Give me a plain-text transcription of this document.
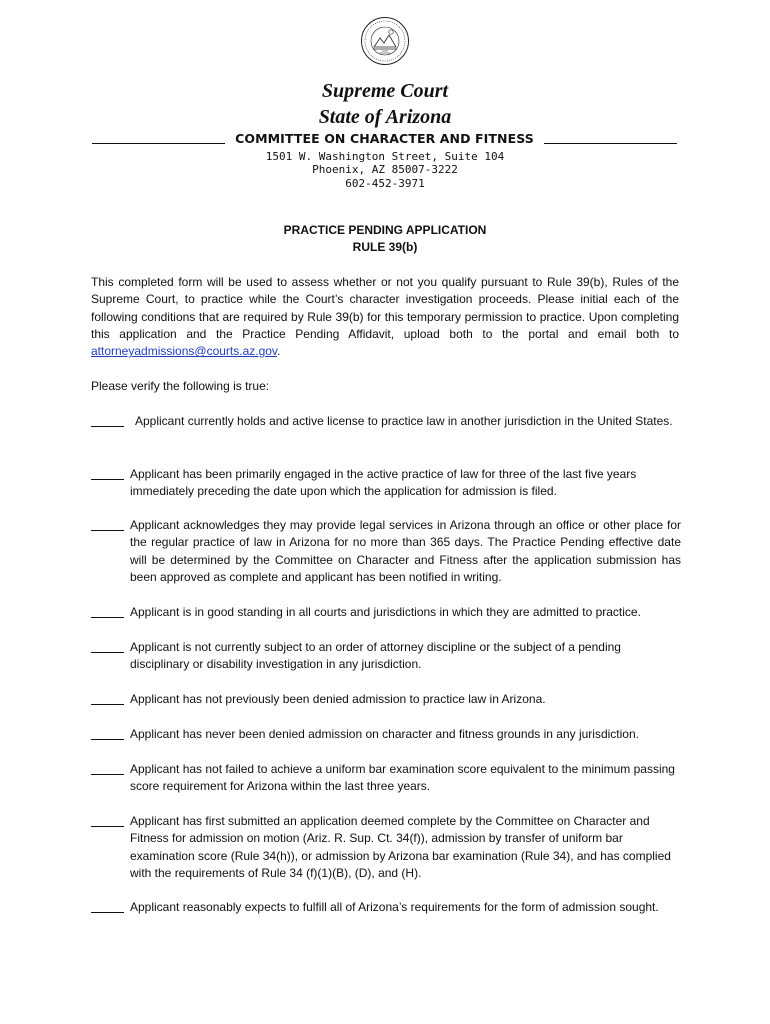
Supreme Court
State of Arizona
COMMITTEE ON CHARACTER AND FITNESS
1501 W. Washington Street, Suite 104
Phoenix, AZ 85007-3222
602-452-3971
PRACTICE PENDING APPLICATION
RULE 39(b)
This completed form will be used to assess whether or not you qualify pursuant to Rule 39(b), Rules of the Supreme Court, to practice while the Court’s character investigation proceeds. Please initial each of the following conditions that are required by Rule 39(b) for this temporary permission to practice. Upon completing this application and the Practice Pending Affidavit, upload both to the portal and email both to attorneyadmissions@courts.az.gov.
Please verify the following is true:
Applicant currently holds and active license to practice law in another jurisdiction in the United States.
Applicant has been primarily engaged in the active practice of law for three of the last five years immediately preceding the date upon which the application for admission is filed.
Applicant acknowledges they may provide legal services in Arizona through an office or other place for the regular practice of law in Arizona for no more than 365 days. The Practice Pending effective date will be determined by the Committee on Character and Fitness after the application submission has been approved as complete and applicant has been notified in writing.
Applicant is in good standing in all courts and jurisdictions in which they are admitted to practice.
Applicant is not currently subject to an order of attorney discipline or the subject of a pending disciplinary or disability investigation in any jurisdiction.
Applicant has not previously been denied admission to practice law in Arizona.
Applicant has never been denied admission on character and fitness grounds in any jurisdiction.
Applicant has not failed to achieve a uniform bar examination score equivalent to the minimum passing score requirement for Arizona within the last three years.
Applicant has first submitted an application deemed complete by the Committee on Character and Fitness for admission on motion (Ariz. R. Sup. Ct. 34(f)), admission by transfer of uniform bar examination score (Rule 34(h)), or admission by Arizona bar examination (Rule 34), and has complied with the requirements of Rule 34 (f)(1)(B), (D), and (H).
Applicant reasonably expects to fulfill all of Arizona’s requirements for the form of admission sought.
